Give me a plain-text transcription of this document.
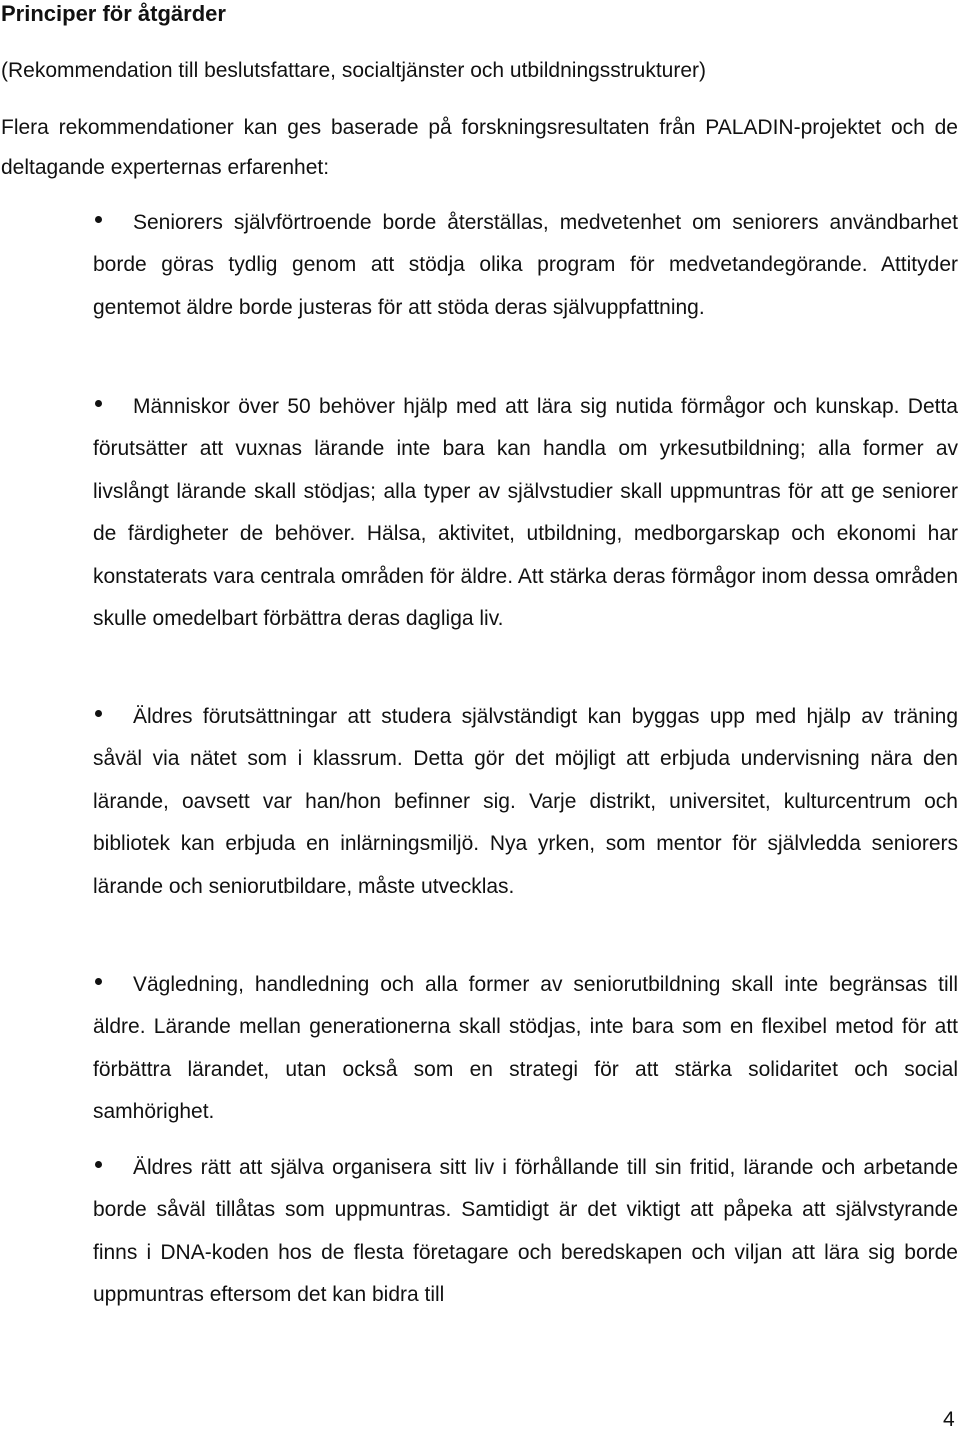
Principer för åtgärder

(Rekommendation till beslutsfattare, socialtjänster och utbildningsstrukturer)

Flera rekommendationer kan ges baserade på forskningsresultaten från PALADIN-projektet och de deltagande experternas erfarenhet:

Seniorers självförtroende borde återställas, medvetenhet om seniorers användbarhet borde göras tydlig genom att stödja olika program för medvetandegörande. Attityder gentemot äldre borde justeras för att stöda deras självuppfattning.
Människor över 50 behöver hjälp med att lära sig nutida förmågor och kunskap. Detta förutsätter att vuxnas lärande inte bara kan handla om yrkesutbildning; alla former av livslångt lärande skall stödjas; alla typer av självstudier skall uppmuntras för att ge seniorer de färdigheter de behöver. Hälsa, aktivitet, utbildning, medborgarskap och ekonomi har konstaterats vara centrala områden för äldre. Att stärka deras förmågor inom dessa områden skulle omedelbart förbättra deras dagliga liv.
Äldres förutsättningar att studera självständigt kan byggas upp med hjälp av träning såväl via nätet som i klassrum. Detta gör det möjligt att erbjuda undervisning nära den lärande, oavsett var han/hon befinner sig. Varje distrikt, universitet, kulturcentrum och bibliotek kan erbjuda en inlärningsmiljö. Nya yrken, som mentor för självledda seniorers lärande och seniorutbildare, måste utvecklas.
Vägledning, handledning och alla former av seniorutbildning skall inte begränsas till äldre. Lärande mellan generationerna skall stödjas, inte bara som en flexibel metod för att förbättra lärandet, utan också som en strategi för att stärka solidaritet och social samhörighet.
Äldres rätt att själva organisera sitt liv i förhållande till sin fritid, lärande och arbetande borde såväl tillåtas som uppmuntras. Samtidigt är det viktigt att påpeka att självstyrande finns i DNA-koden hos de flesta företagare och beredskapen och viljan att lära sig borde uppmuntras eftersom det kan bidra till

4
